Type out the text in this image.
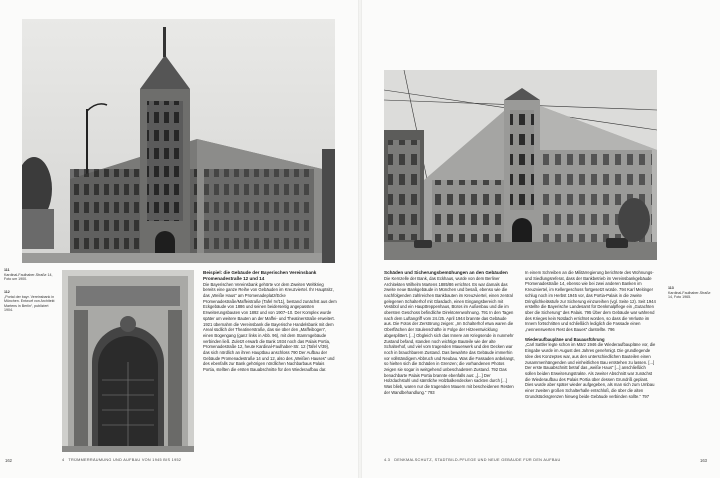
111
Kardinal-Faulhaber-Straße 14, Foto um 1900.
112
„Portal der bayr. Vereinsbank in München. Entwurf von Architekt Martens in Berlin“, publiziert 1904.

Beispiel: die Gebäude der Bayerischen Vereinsbank Promenadestraße 12 und 14

Die Bayerischen Vereinsbank gehörte vor dem Zweiten Weltkrieg bereits eine ganze Reihe von Gebäuden im Kreuzviertel. Ihr Hauptsitz, das „Weiße Haus“ am Promenadeplatz/Ecke Promenadestraße/Maffeistraße (Tafel IV/11), bestand zunächst aus dem Eckgebäude von 1886 und seinen beiderseitig angepassten Erweiterungsbauten von 1892 und von 1907–10. Der Komplex wurde später um weitere Bauten an der Maffei- und Theatinerstraße erweitert. 1921 übernahm die Vereinsbank die Bayerische Handelsbank mit dem Areal südlich der Theatinerstraße, das sie über den „Maffeibogen“, einen Bogengang (ganz links in Abb. 96), mit dem Stammgebäude verbinden ließ. Zuletzt erwarb die Bank 1934 noch das Palais Portia, Promenadestraße 12, heute Kardinal-Faulhaber-Str. 12 (Tafel V/39), das sich nördlich an ihren Hauptbau anschloss 790 Der Aufbau der Gebäude Promenadestraße 14 und 12, also des „Weißen Hauses“ und des ebenfalls zur Bank gehörigen nördlichen Nachbarbaus Palais Portia, stellten die ersten Bauabschnitte für den Wiederaufbau dar.

162	4 TRÜMMERRÄUMUNG UND AUFBAU VON 1945 BIS 1952
113
Kardinal-Faulhaber-Straße 14, Foto 1965.

Schäden und Sicherungsbemühungen an den Gebäuden

Die Kernzelle der Bank, das Eckhaus, wurde von dem Berliner Architekten Wilhelm Martens 1885/86 errichtet. Es war damals das zweite neue Bankgebäude in München und besaß, ebenso wie die nachfolgenden zahlreichen Bankbauten im Kreuzviertel, einen zentral gelegenen Schalterhof mit Glasdach, einen Eingangsbereich mit Vestibül und ein Haupttreppenhaus, Büros im Außenbau und die im obersten Geschoss befindliche Direktorenwohnung. 791 In den Tagen nach dem Luftangriff vom 24./25. April 1944 brannte das Gebäude aus. Die Fotos der Zerstörung zeigen: „Im Schalterhof etwa waren die Oberflächen der Säulenschäfte in Folge der Hitzeentwicklung abgesplittert. [...] Obgleich sich das Innere am Kriegsende in nunmehr Zustand befand, standen noch wichtige Bauteile wie der alte Schalterhof, und viel vom tragenden Mauerwerk und den Decken war noch in brauchbarem Zustand. Das bewahrte das Gebäude immerhin vor vollständigem Abbruch und Neubau. Was die Fassaden anbelangt, so hielten sich die Schäden in Grenzen; die vorhandenen Photos zeigen sie sogar in weitgehend unbeschadetem Zustand. 792 Das benachbarte Palais Portia brannte ebenfalls aus: „[...] Der Holzdachstuhl und sämtliche Holzbalkendecken sackten durch [...] Was blieb, waren nur die tragenden Mauern mit bescheidenen Resten der Wandbehandlung.“ 793

In einem Schreiben an die Militärregierung berichtete des Wohnungs- und Siedlungsreferat, dass der Bankbetrieb im Vereinsbankgebäude Promenadestraße 14, ebenso wie bei zwei anderen Banken im Kreuzviertel, im Kellergeschoss fortgesetzt würde. 794 Karl Meitinger schlug noch im Herbst 1945 vor, das Portia-Palais in die zweite Dringlichkeitsstufe zur Sicherung einzureihen (vgl. Seite 12). Seit 1944 erstellte die Bayerische Landesamt für Denkmalpflege ein „Gutachten über die Sicherung“ des Palais. 795 Über dem Gebäude war während des Krieges kein Notdach errichtet worden, so dass die Verluste im Innern fortschritten und schließlich lediglich die Fassade einen „nennenswerten Rest des Baues“ darstellte. 796

Wiederaufbaupläne und Bauausführung

„Carl Sattler legte schon im März 1946 die Wiederaufbaupläne vor, die Eingabe wurde im August des Jahres genehmigt. Die grundlegende Idee des Konzeptes war, aus den unterschiedlichen Bauteilen einen zusammenhängenden und einheitlichen Bau entstehen zu lassen. [...] Der erste Bauabschnitt betraf das „weiße Haus“ [...] anschließlich sollen beiden Erweiterungstrakte. Als zweiter Abschnitt war zunächst die Wiederaufbau des Palais Portia über dessen Grundriß geplant. Dies wurde aber später wieder aufgegeben, als man sich zum Umbau einer zweiten großen Schalterhalle entschloß, die über die alten Grundstücksgrenzen hinweg beide Gebäude verbinden sollte.“ 797

4.3 DENKMALSCHUTZ, STADTBILD-PFLEGE UND NEUE GEBÄUDE FÜR DEN AUFBAU	163
